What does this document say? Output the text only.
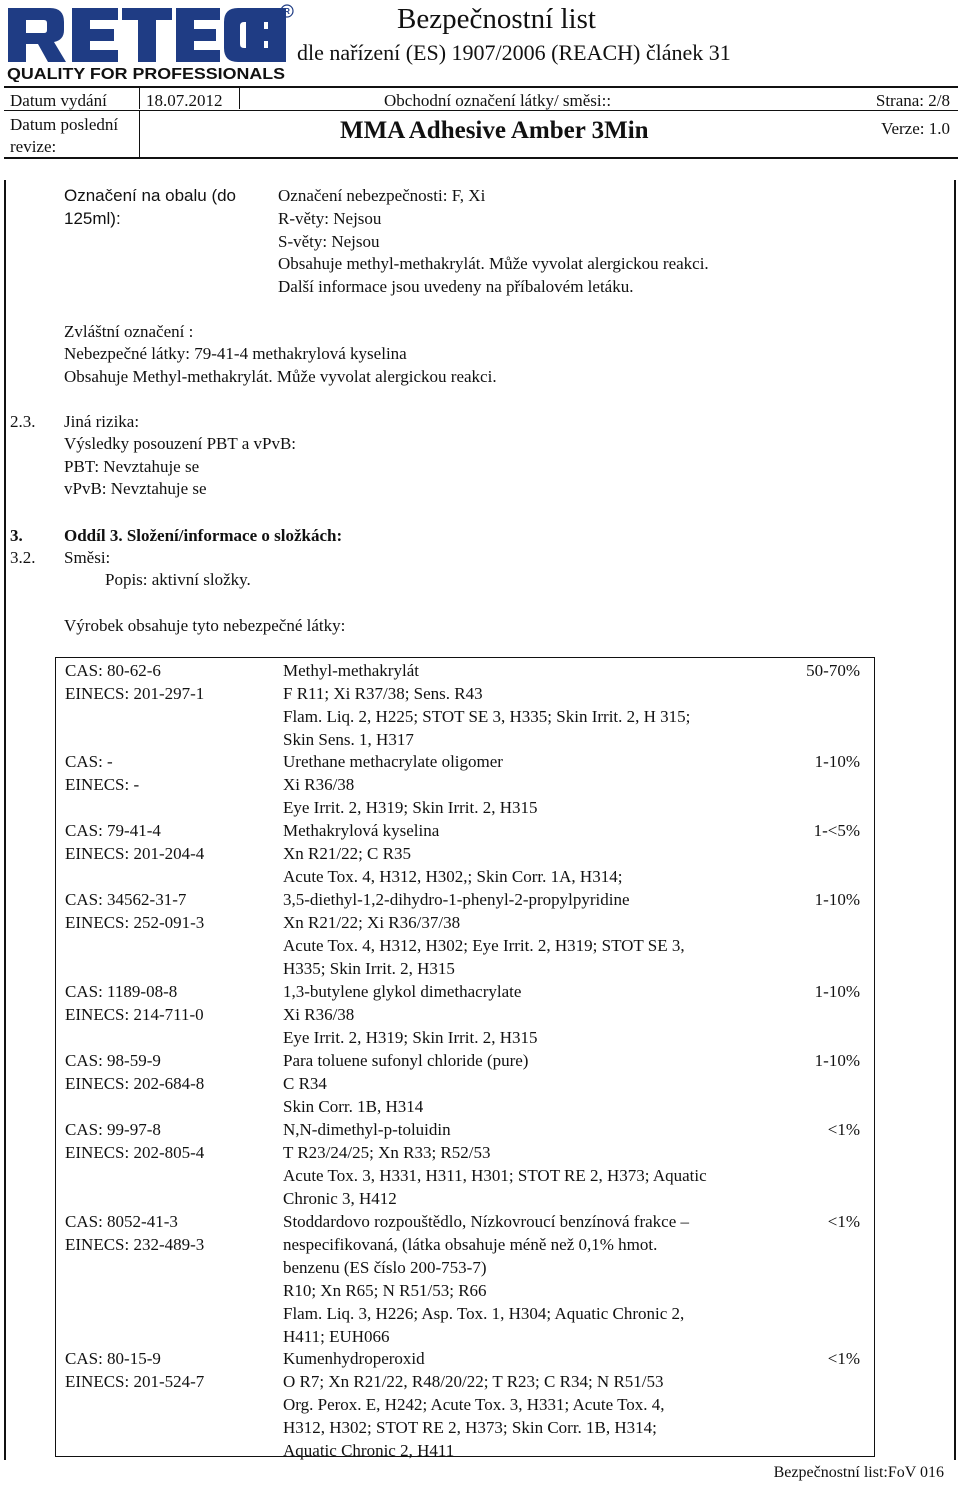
R
QUALITY FOR PROFESSIONALS
Bezpečnostní list
dle nařízení (ES) 1907/2006 (REACH) článek 31
Datum vydání 18.07.2012	Obchodní označení látky/ směsi::	Strana: 2/8
Datum poslední
revize:
MMA Adhesive Amber 3Min	Verze: 1.0
Označení na obalu (do
125ml):
Označení nebezpečnosti: F, Xi
R-věty: Nejsou
S-věty: Nejsou
Obsahuje methyl-methakrylát. Může vyvolat alergickou reakci.
Další informace jsou uvedeny na příbalovém letáku.
Zvláštní označení :
Nebezpečné látky: 79-41-4 methakrylová kyselina
Obsahuje Methyl-methakrylát. Může vyvolat alergickou reakci.
2.3. Jiná rizika:
Výsledky posouzení PBT a vPvB:
PBT: Nevztahuje se
vPvB: Nevztahuje se
3. Oddíl 3. Složení/informace o složkách:
3.2. Směsi:
Popis: aktivní složky.
Výrobek obsahuje tyto nebezpečné látky:
CAS: 80-62-6
EINECS: 201-297-1
Methyl-methakrylát
F R11; Xi R37/38; Sens. R43
Flam. Liq. 2, H225; STOT SE 3, H335; Skin Irrit. 2, H 315;
Skin Sens. 1, H317
50-70%
CAS: -
EINECS: -
Urethane methacrylate oligomer
Xi R36/38
Eye Irrit. 2, H319; Skin Irrit. 2, H315
1-10%
CAS: 79-41-4
EINECS: 201-204-4
Methakrylová kyselina
Xn R21/22; C R35
Acute Tox. 4, H312, H302,; Skin Corr. 1A, H314;
1-<5%
CAS: 34562-31-7
EINECS: 252-091-3
3,5-diethyl-1,2-dihydro-1-phenyl-2-propylpyridine
Xn R21/22; Xi R36/37/38
Acute Tox. 4, H312, H302; Eye Irrit. 2, H319; STOT SE 3,
H335; Skin Irrit. 2, H315
1-10%
CAS: 1189-08-8
EINECS: 214-711-0
1,3-butylene glykol dimethacrylate
Xi R36/38
Eye Irrit. 2, H319; Skin Irrit. 2, H315
1-10%
CAS: 98-59-9
EINECS: 202-684-8
Para toluene sufonyl chloride (pure)
C R34
Skin Corr. 1B, H314
1-10%
CAS: 99-97-8
EINECS: 202-805-4
N,N-dimethyl-p-toluidin
T R23/24/25; Xn R33; R52/53
Acute Tox. 3, H331, H311, H301; STOT RE 2, H373; Aquatic
Chronic 3, H412
<1%
CAS: 8052-41-3
EINECS: 232-489-3
Stoddardovo rozpouštědlo, Nízkovroucí benzínová frakce –
nespecifikovaná, (látka obsahuje méně než 0,1% hmot.
benzenu (ES číslo 200-753-7)
R10; Xn R65; N R51/53; R66
Flam. Liq. 3, H226; Asp. Tox. 1, H304; Aquatic Chronic 2,
H411; EUH066
<1%
CAS: 80-15-9
EINECS: 201-524-7
Kumenhydroperoxid
O R7; Xn R21/22, R48/20/22; T R23; C R34; N R51/53
Org. Perox. E, H242; Acute Tox. 3, H331; Acute Tox. 4,
H312, H302; STOT RE 2, H373; Skin Corr. 1B, H314;
Aquatic Chronic 2, H411
<1%
Bezpečnostní list:FoV 016
